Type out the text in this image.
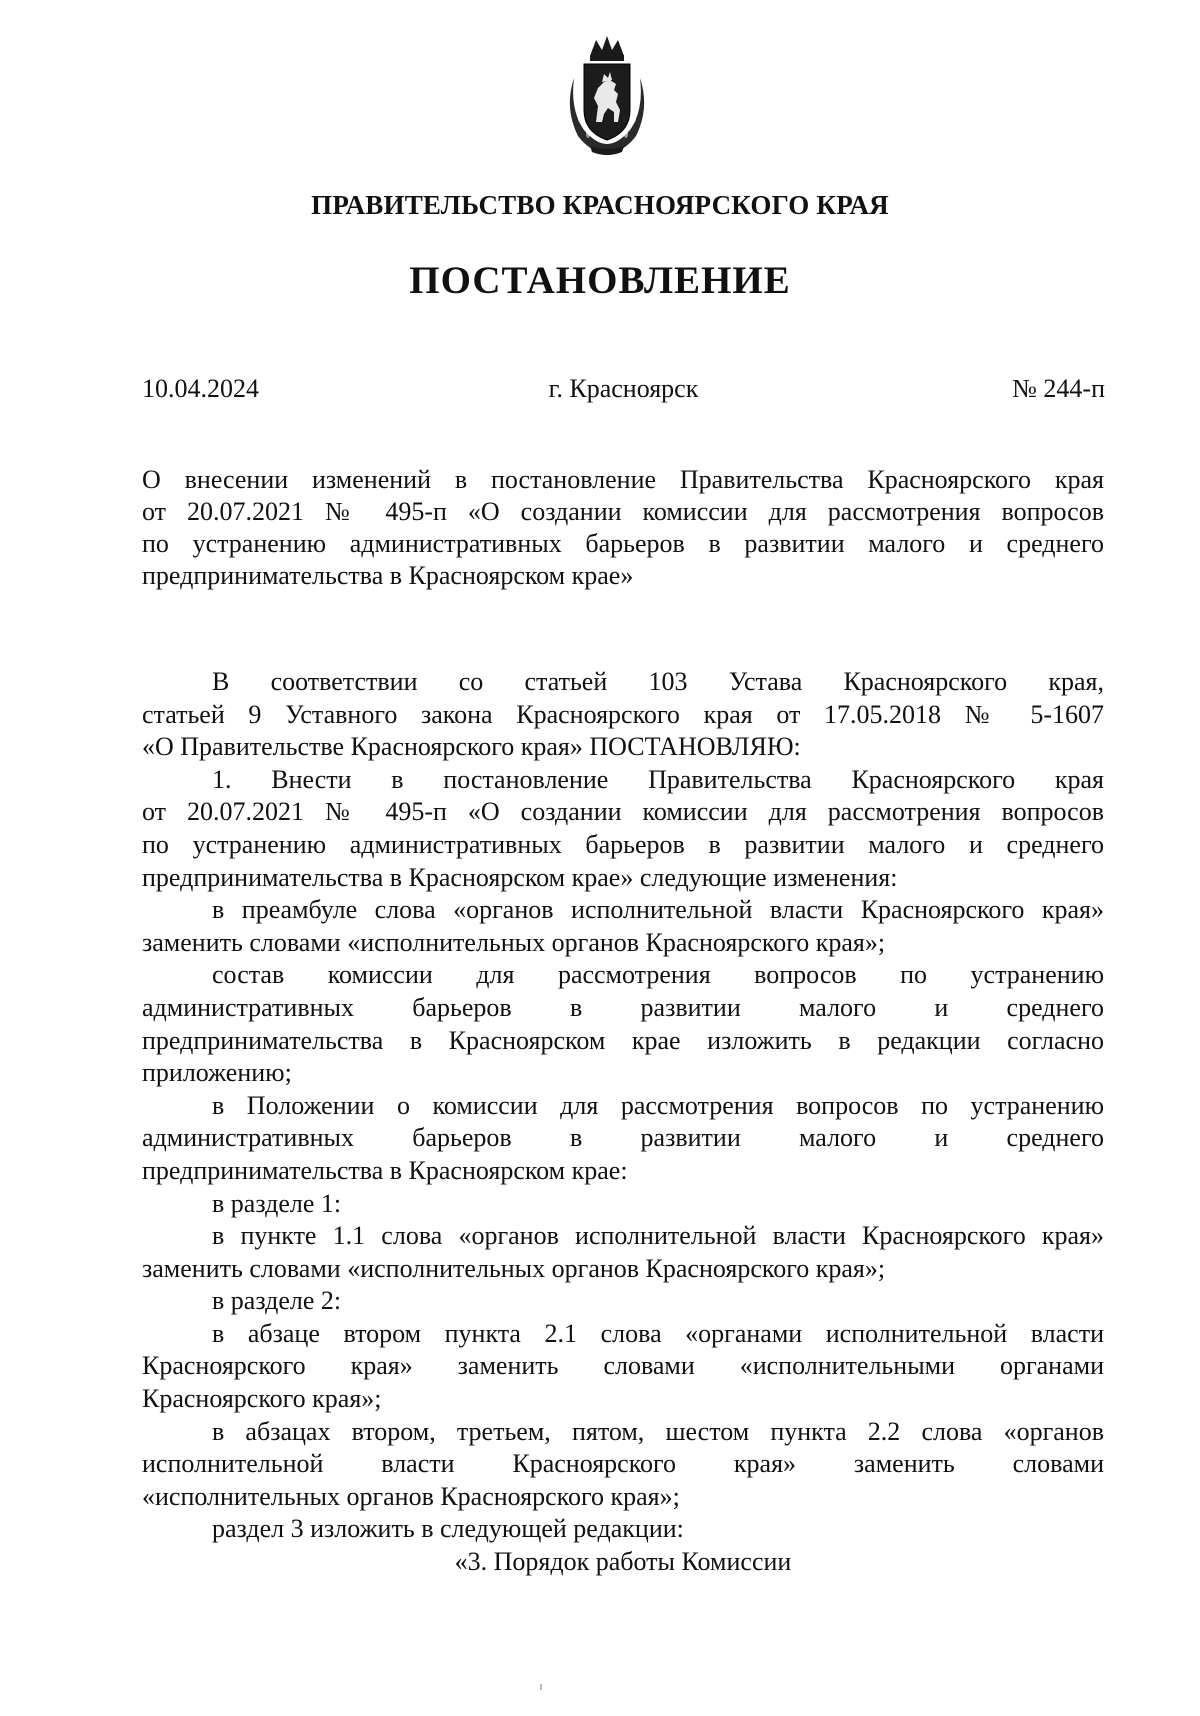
ПРАВИТЕЛЬСТВО КРАСНОЯРСКОГО КРАЯ
ПОСТАНОВЛЕНИЕ
10.04.2024	г. Красноярск	№ 244-п
О внесении изменений в постановление Правительства Красноярского края
от 20.07.2021 № 495-п «О создании комиссии для рассмотрения вопросов
по устранению административных барьеров в развитии малого и среднего
предпринимательства в Красноярском крае»
В соответствии со статьей 103 Устава Красноярского края,
статьей 9 Уставного закона Красноярского края от 17.05.2018 № 5-1607
«О Правительстве Красноярского края» ПОСТАНОВЛЯЮ:
1. Внести в постановление Правительства Красноярского края
от 20.07.2021 № 495-п «О создании комиссии для рассмотрения вопросов
по устранению административных барьеров в развитии малого и среднего
предпринимательства в Красноярском крае» следующие изменения:
в преамбуле слова «органов исполнительной власти Красноярского края»
заменить словами «исполнительных органов Красноярского края»;
состав комиссии для рассмотрения вопросов по устранению
административных барьеров в развитии малого и среднего
предпринимательства в Красноярском крае изложить в редакции согласно
приложению;
в Положении о комиссии для рассмотрения вопросов по устранению
административных барьеров в развитии малого и среднего
предпринимательства в Красноярском крае:
в разделе 1:
в пункте 1.1 слова «органов исполнительной власти Красноярского края»
заменить словами «исполнительных органов Красноярского края»;
в разделе 2:
в абзаце втором пункта 2.1 слова «органами исполнительной власти
Красноярского края» заменить словами «исполнительными органами
Красноярского края»;
в абзацах втором, третьем, пятом, шестом пункта 2.2 слова «органов
исполнительной власти Красноярского края» заменить словами
«исполнительных органов Красноярского края»;
раздел 3 изложить в следующей редакции:
«3. Порядок работы Комиссии
